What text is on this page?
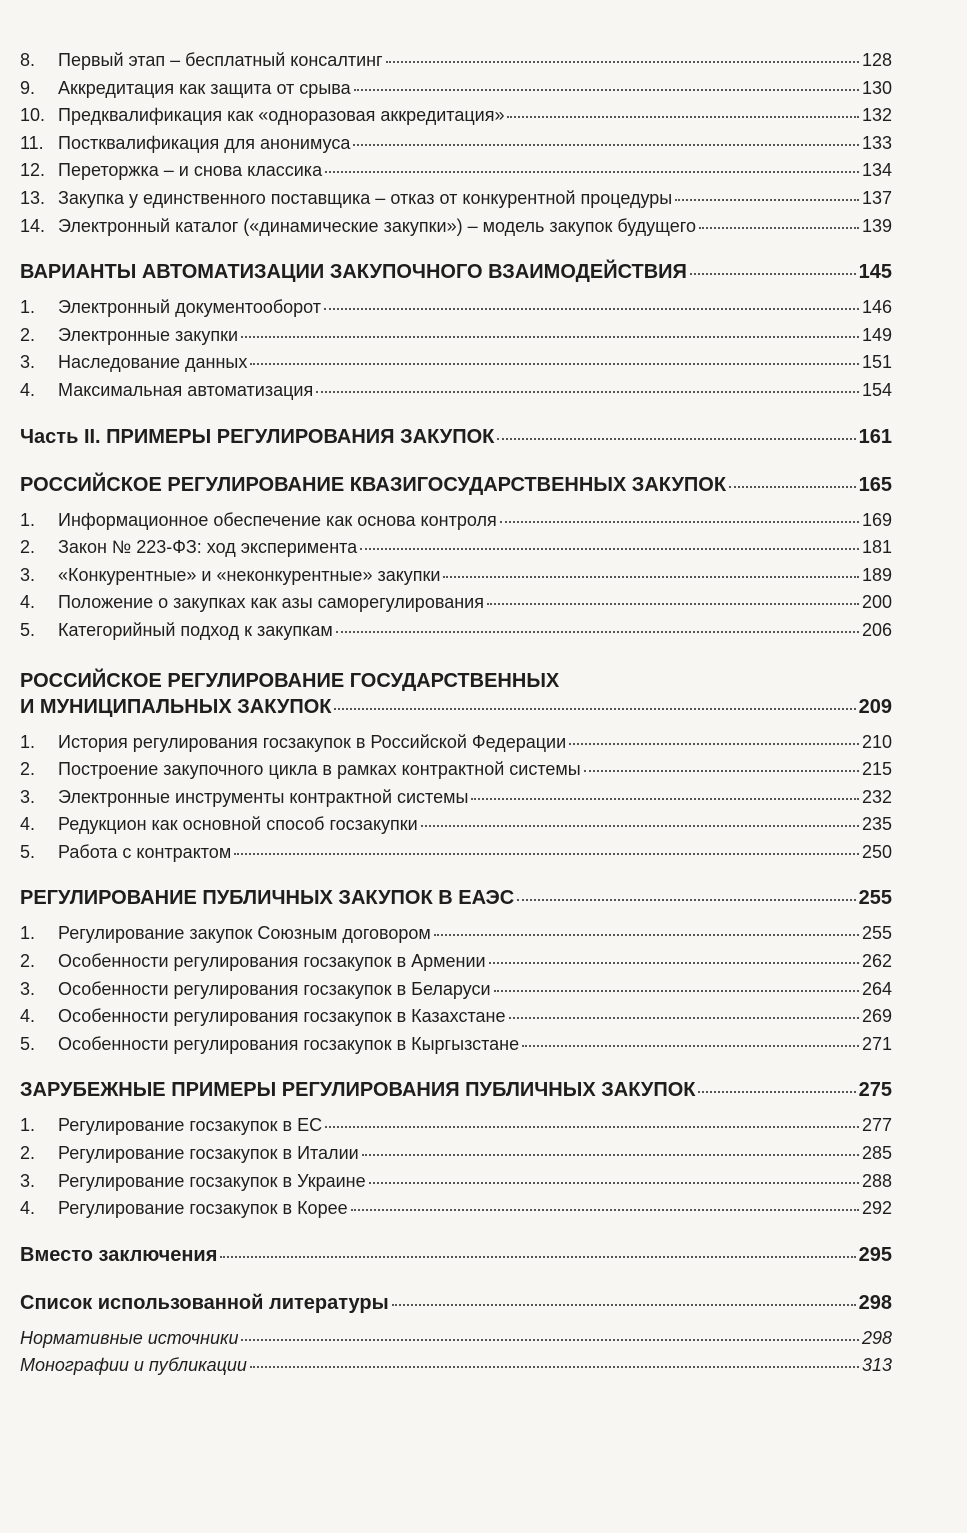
8.	Первый этап – бесплатный консалтинг	128
9.	Аккредитация как защита от срыва	130
10. Предквалификация как «одноразовая аккредитация»	132
11. Постквалификация для анонимуса	133
12. Переторжка – и снова классика	134
13. Закупка у единственного поставщика – отказ от конкурентной процедуры	137
14. Электронный каталог («динамические закупки») – модель закупок будущего	139
ВАРИАНТЫ АВТОМАТИЗАЦИИ ЗАКУПОЧНОГО ВЗАИМОДЕЙСТВИЯ	145
1.	Электронный документооборот	146
2.	Электронные закупки	149
3.	Наследование данных	151
4.	Максимальная автоматизация	154
Часть II. ПРИМЕРЫ РЕГУЛИРОВАНИЯ ЗАКУПОК	161
РОССИЙСКОЕ РЕГУЛИРОВАНИЕ КВАЗИГОСУДАРСТВЕННЫХ ЗАКУПОК	165
1.	Информационное обеспечение как основа контроля	169
2.	Закон № 223-ФЗ: ход эксперимента	181
3.	«Конкурентные» и «неконкурентные» закупки	189
4.	Положение о закупках как азы саморегулирования	200
5.	Категорийный подход к закупкам	206
РОССИЙСКОЕ РЕГУЛИРОВАНИЕ ГОСУДАРСТВЕННЫХ
И МУНИЦИПАЛЬНЫХ ЗАКУПОК	209
1.	История регулирования госзакупок в Российской Федерации	210
2.	Построение закупочного цикла в рамках контрактной системы	215
3.	Электронные инструменты контрактной системы	232
4.	Редукцион как основной способ госзакупки	235
5.	Работа с контрактом	250
РЕГУЛИРОВАНИЕ ПУБЛИЧНЫХ ЗАКУПОК В ЕАЭС	255
1.	Регулирование закупок Союзным договором	255
2.	Особенности регулирования госзакупок в Армении	262
3.	Особенности регулирования госзакупок в Беларуси	264
4.	Особенности регулирования госзакупок в Казахстане	269
5.	Особенности регулирования госзакупок в Кыргызстане	271
ЗАРУБЕЖНЫЕ ПРИМЕРЫ РЕГУЛИРОВАНИЯ ПУБЛИЧНЫХ ЗАКУПОК	275
1.	Регулирование госзакупок в ЕС	277
2.	Регулирование госзакупок в Италии	285
3.	Регулирование госзакупок в Украине	288
4.	Регулирование госзакупок в Корее	292
Вместо заключения	295
Список использованной литературы	298
Нормативные источники	298
Монографии и публикации	313
